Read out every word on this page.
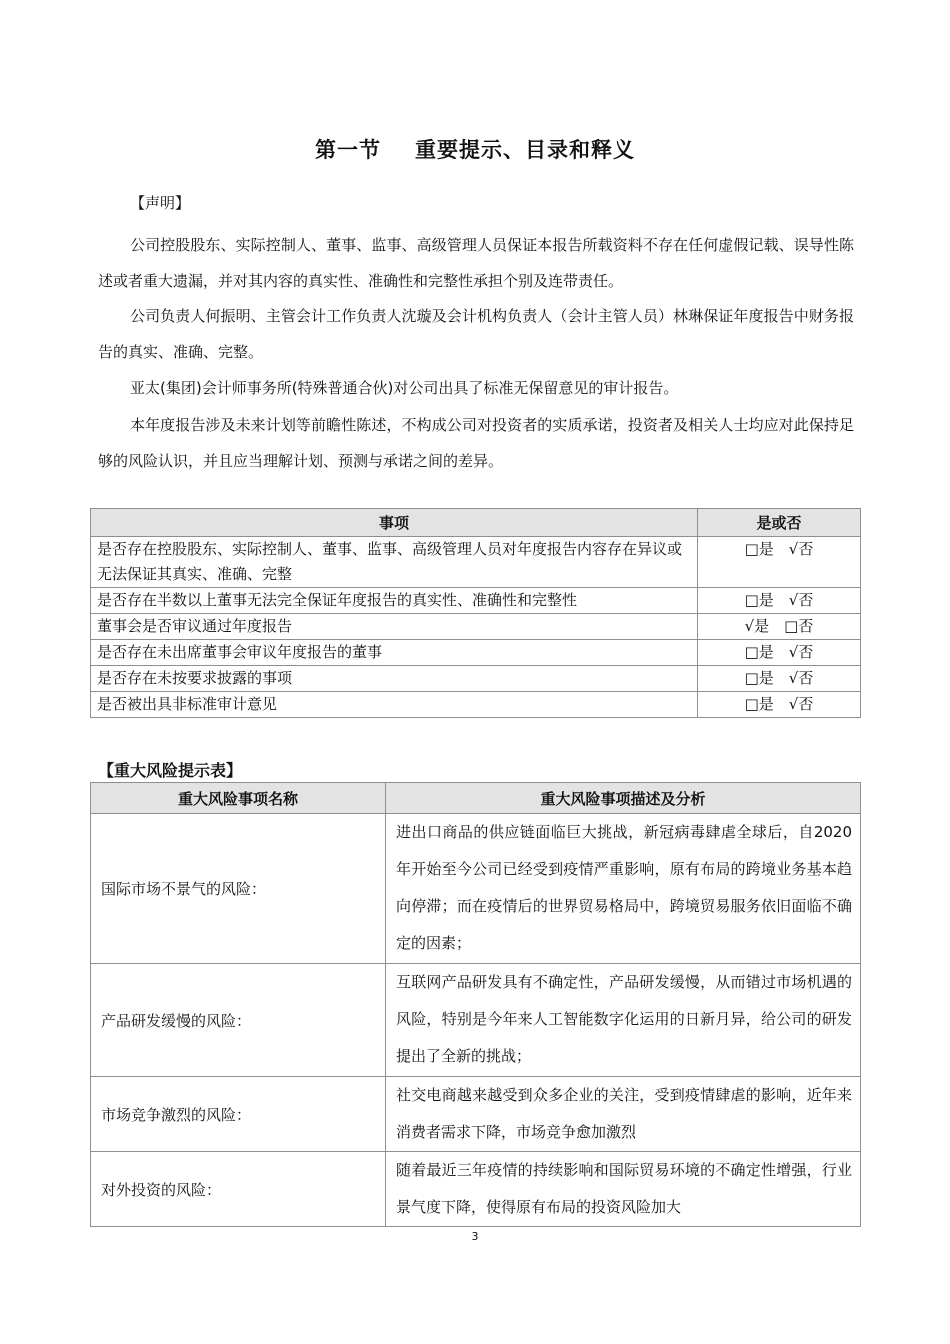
第一节 重要提示、目录和释义
【声明】

公司控股股东、实际控制人、董事、监事、高级管理人员保证本报告所载资料不存在任何虚假记载、误导性陈述或者重大遗漏，并对其内容的真实性、准确性和完整性承担个别及连带责任。

公司负责人何振明、主管会计工作负责人沈璇及会计机构负责人（会计主管人员）林琳保证年度报告中财务报告的真实、准确、完整。

亚太(集团)会计师事务所(特殊普通合伙)对公司出具了标准无保留意见的审计报告。

本年度报告涉及未来计划等前瞻性陈述，不构成公司对投资者的实质承诺，投资者及相关人士均应对此保持足够的风险认识，并且应当理解计划、预测与承诺之间的差异。

事项	是或否
是否存在控股股东、实际控制人、董事、监事、高级管理人员对年度报告内容存在异议或无法保证其真实、准确、完整	□是　√否
是否存在半数以上董事无法完全保证年度报告的真实性、准确性和完整性	□是　√否
董事会是否审议通过年度报告	√是　□否
是否存在未出席董事会审议年度报告的董事	□是　√否
是否存在未按要求披露的事项	□是　√否
是否被出具非标准审计意见	□是　√否
【重大风险提示表】
重大风险事项名称	重大风险事项描述及分析
国际市场不景气的风险：	进出口商品的供应链面临巨大挑战，新冠病毒肆虐全球后，自2020年开始至今公司已经受到疫情严重影响，原有布局的跨境业务基本趋向停滞；而在疫情后的世界贸易格局中，跨境贸易服务依旧面临不确定的因素；
产品研发缓慢的风险：	互联网产品研发具有不确定性，产品研发缓慢，从而错过市场机遇的风险，特别是今年来人工智能数字化运用的日新月异，给公司的研发提出了全新的挑战；
市场竞争激烈的风险：	社交电商越来越受到众多企业的关注，受到疫情肆虐的影响，近年来消费者需求下降，市场竞争愈加激烈
对外投资的风险：	随着最近三年疫情的持续影响和国际贸易环境的不确定性增强，行业景气度下降，使得原有布局的投资风险加大
3
